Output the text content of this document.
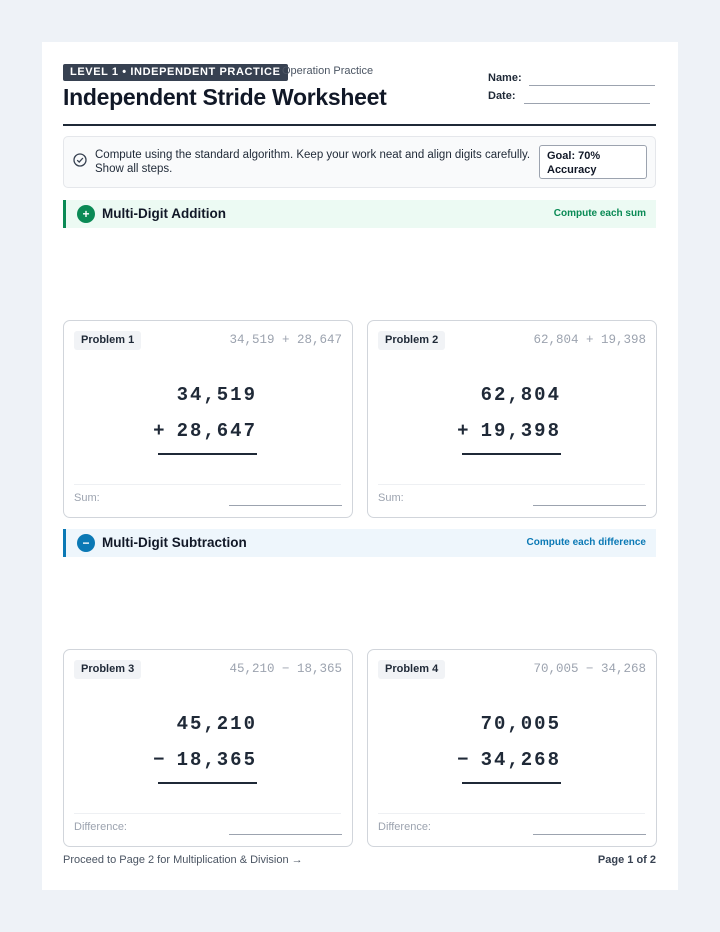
LEVEL 1 • INDEPENDENT PRACTICE Operation Practice
Independent Stride Worksheet
Name:
Date:
Compute using the standard algorithm. Keep your work neat and align digits carefully. Show all steps.
Goal: 70%
Accuracy
+ Multi-Digit Addition	Compute each sum
Problem 1	34,519 + 28,647
34,519
+ 28,647
Sum:
Problem 2	62,804 + 19,398
62,804
+ 19,398
Sum:
− Multi-Digit Subtraction	Compute each difference
Problem 3	45,210 − 18,365
45,210
− 18,365
Difference:
Problem 4	70,005 − 34,268
70,005
− 34,268
Difference:
Proceed to Page 2 for Multiplication & Division →	Page 1 of 2
